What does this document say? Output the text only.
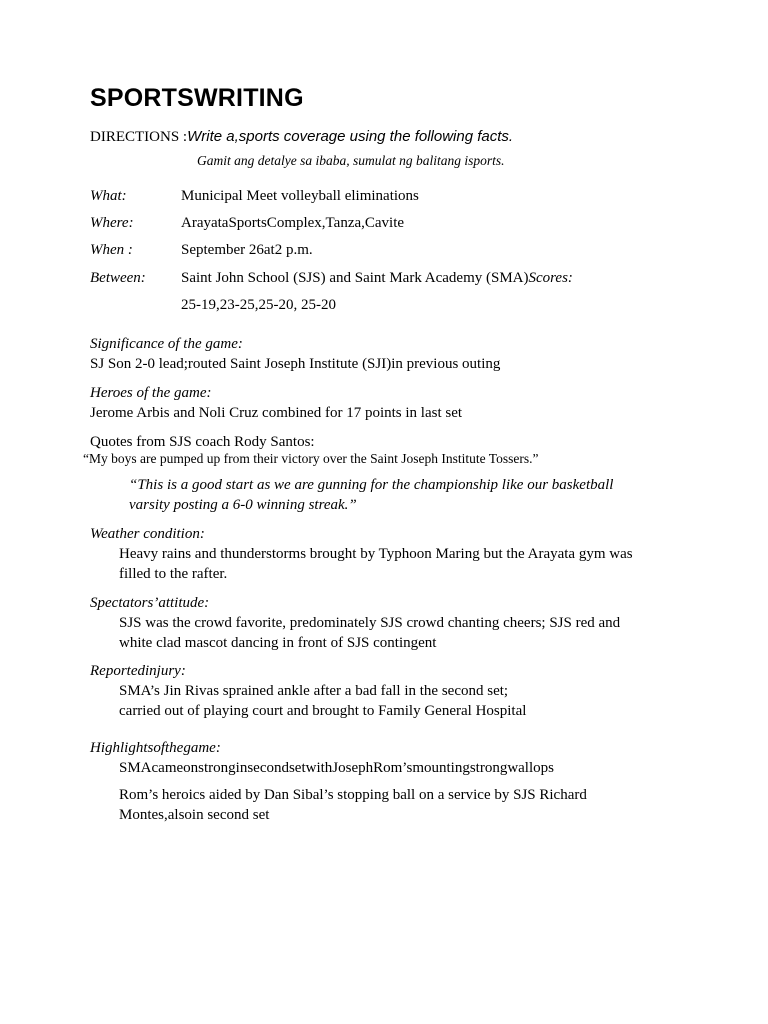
SPORTSWRITING
DIRECTIONS :Write a,sports coverage using the following facts.
Gamit ang detalye sa ibaba, sumulat ng balitang isports.
What:	Municipal Meet volleyball eliminations
Where:	ArayataSportsComplex,Tanza,Cavite
When :	September 26at2 p.m.
Between: Saint John School (SJS) and Saint Mark Academy (SMA)Scores:
25-19,23-25,25-20, 25-20
Significance of the game:
SJ Son 2-0 lead;routed Saint Joseph Institute (SJI)in previous outing
Heroes of the game:
Jerome Arbis and Noli Cruz combined for 17 points in last set
Quotes from SJS coach Rody Santos:
“My boys are pumped up from their victory over the Saint Joseph Institute Tossers.”
“This is a good start as we are gunning for the championship like our basketball
varsity posting a 6-0 winning streak.”
Weather condition:
Heavy rains and thunderstorms brought by Typhoon Maring but the Arayata gym was
filled to the rafter.
Spectators’attitude:
SJS was the crowd favorite, predominately SJS crowd chanting cheers; SJS red and
white clad mascot dancing in front of SJS contingent
Reportedinjury:
SMA’s Jin Rivas sprained ankle after a bad fall in the second set;
carried out of playing court and brought to Family General Hospital
Highlightsofthegame:
SMAcameonstronginsecondsetwithJosephRom’smountingstrongwallops
Rom’s heroics aided by Dan Sibal’s stopping ball on a service by SJS Richard
Montes,alsoin second set
